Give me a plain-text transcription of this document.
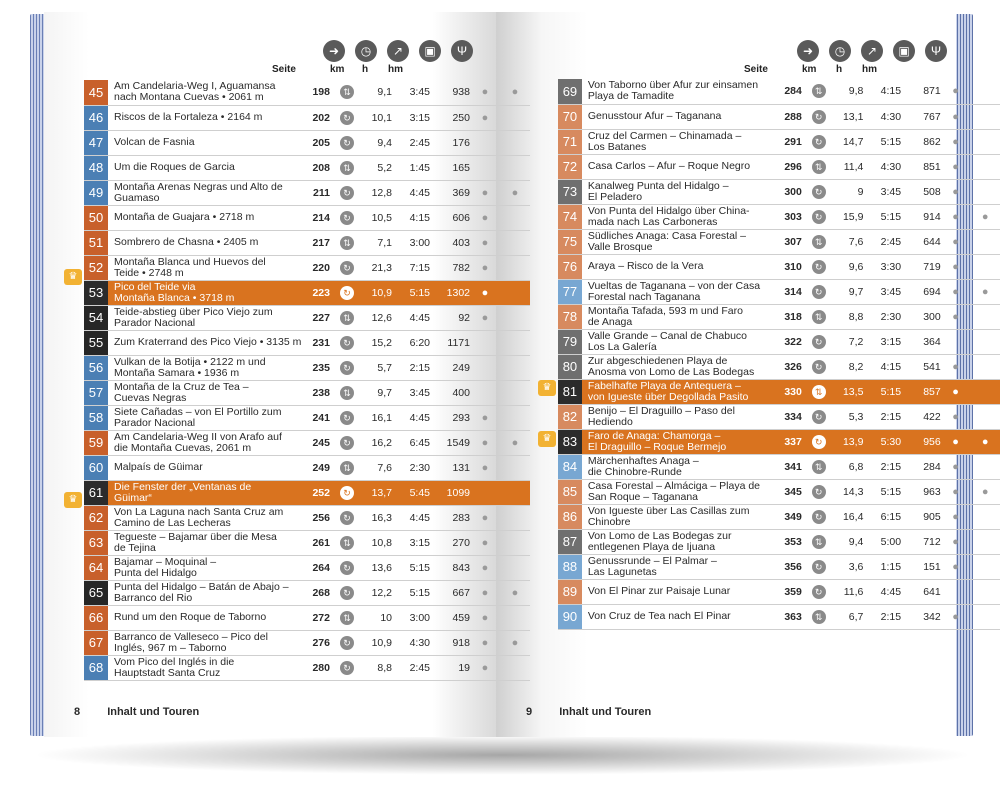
➜	◷	↗	▣	Ψ
Seite	km h hm
45	Am Candelaria-Weg I, Aguamansa
nach Montana Cuevas • 2061 m	198	⇅	9,1	3:45	938	●	●
46	Riscos de la Fortaleza • 2164 m	202	↻	10,1	3:15	250	●	
47	Volcan de Fasnia	205	↻	9,4	2:45	176		
48	Um die Roques de Garcia	208	⇅	5,2	1:45	165		
49	Montaña Arenas Negras und Alto de
Guamaso	211	↻	12,8	4:45	369	●	●
50	Montaña de Guajara • 2718 m	214	↻	10,5	4:15	606	●	
51	Sombrero de Chasna • 2405 m	217	⇅	7,1	3:00	403	●	
52	Montaña Blanca und Huevos del
Teide • 2748 m	220	↻	21,3	7:15	782	●	
53	Pico del Teide via
Montaña Blanca • 3718 m	223	↻	10,9	5:15	1302	●	
54	Teide-abstieg über Pico Viejo zum
Parador Nacional	227	⇅	12,6	4:45	92	●	
55	Zum Kraterrand des Pico Viejo • 3135 m	231	↻	15,2	6:20	1171		
56	Vulkan de la Botija • 2122 m und
Montaña Samara • 1936 m	235	↻	5,7	2:15	249		
57	Montaña de la Cruz de Tea –
Cuevas Negras	238	⇅	9,7	3:45	400		
58	Siete Cañadas – von El Portillo zum
Parador Nacional	241	↻	16,1	4:45	293	●	
59	Am Candelaria-Weg II von Arafo auf
die Montaña Cuevas, 2061 m	245	↻	16,2	6:45	1549	●	●
60	Malpaís de Güimar	249	⇅	7,6	2:30	131	●	
61	Die Fenster der „Ventanas de
Güimar“	252	↻	13,7	5:45	1099		
62	Von La Laguna nach Santa Cruz am
Camino de Las Lecheras	256	↻	16,3	4:45	283	●	
63	Tegueste – Bajamar über die Mesa
de Tejina	261	⇅	10,8	3:15	270	●	
64	Bajamar – Moquinal –
Punta del Hidalgo	264	↻	13,6	5:15	843	●	
65	Punta del Hidalgo – Batán de Abajo –
Barranco del Rio	268	↻	12,2	5:15	667	●	●
66	Rund um den Roque de Taborno	272	⇅	10	3:00	459	●	
67	Barranco de Valleseco – Pico del
Inglés, 967 m – Taborno	276	↻	10,9	4:30	918	●	●
68	Vom Pico del Inglés in die
Hauptstadt Santa Cruz	280	↻	8,8	2:45	19	●	
♛
♛
8 Inhalt und Touren
➜	◷	↗	▣	Ψ
Seite	km h hm
69	Von Taborno über Afur zur einsamen
Playa de Tamadite	284	⇅	9,8	4:15	871	●	
70	Genusstour Afur – Taganana	288	↻	13,1	4:30	767	●	
71	Cruz del Carmen – Chinamada –
Los Batanes	291	↻	14,7	5:15	862	●	
72	Casa Carlos – Afur – Roque Negro	296	⇅	11,4	4:30	851	●	
73	Kanalweg Punta del Hidalgo –
El Peladero	300	↻	9	3:45	508	●	
74	Von Punta del Hidalgo über China-
mada nach Las Carboneras	303	↻	15,9	5:15	914	●	●
75	Südliches Anaga: Casa Forestal –
Valle Brosque	307	⇅	7,6	2:45	644	●	
76	Araya – Risco de la Vera	310	↻	9,6	3:30	719	●	
77	Vueltas de Taganana – von der Casa
Forestal nach Taganana	314	↻	9,7	3:45	694	●	●
78	Montaña Tafada, 593 m und Faro
de Anaga	318	⇅	8,8	2:30	300	●	
79	Valle Grande – Canal de Chabuco
Los La Galería	322	↻	7,2	3:15	364		
80	Zur abgeschiedenen Playa de
Anosma von Lomo de Las Bodegas	326	↻	8,2	4:15	541	●	
81	Fabelhafte Playa de Antequera –
von Igueste über Degollada Pasito	330	⇅	13,5	5:15	857	●	
82	Benijo – El Draguillo – Paso del
Hediendo	334	↻	5,3	2:15	422	●	
83	Faro de Anaga: Chamorga –
El Draguillo – Roque Bermejo	337	↻	13,9	5:30	956	●	●
84	Märchenhaftes Anaga –
die Chinobre-Runde	341	⇅	6,8	2:15	284	●	
85	Casa Forestal – Almáciga – Playa de
San Roque – Taganana	345	↻	14,3	5:15	963	●	●
86	Von Igueste über Las Casillas zum
Chinobre	349	↻	16,4	6:15	905	●	
87	Von Lomo de Las Bodegas zur
entlegenen Playa de Ijuana	353	⇅	9,4	5:00	712	●	
88	Genussrunde – El Palmar –
Las Lagunetas	356	↻	3,6	1:15	151	●	
89	Von El Pinar zur Paisaje Lunar	359	↻	11,6	4:45	641		
90	Von Cruz de Tea nach El Pinar	363	⇅	6,7	2:15	342	●	
♛
♛
9 Inhalt und Touren
